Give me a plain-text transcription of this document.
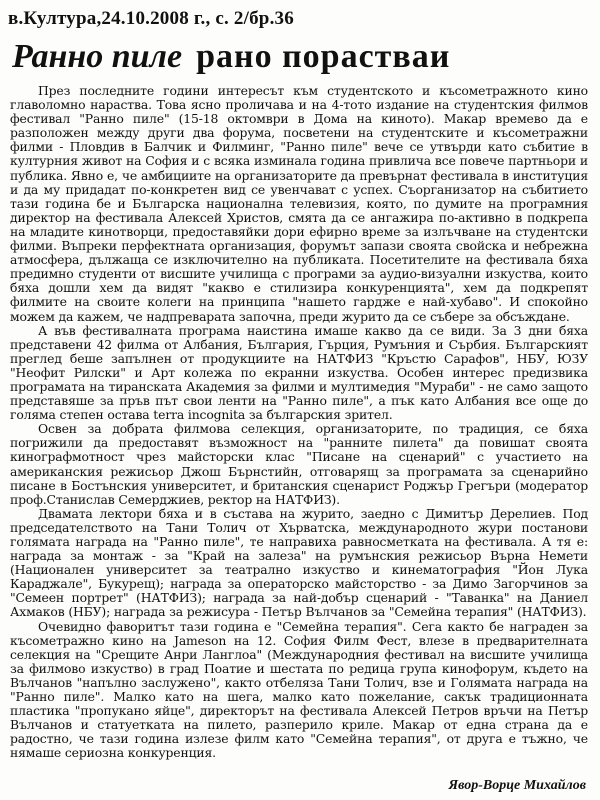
в.Култура,24.10.2008 г., с. 2/бр.36
Ранно пиле рано порастваи

През последните години интересът към студентското и късометражното кино главоломно нараства. Това ясно проличава и на 4-тото издание на студентския филмов фестивал "Ранно пиле" (15-18 октомври в Дома на киното). Макар времево да е разположен между други два форума, посветени на студентските и късометражни филми - Пловдив в Балчик и Филминг, "Ранно пиле" вече се утвърди като събитие в културния живот на София и с всяка изминала година привлича все повече партньори и публика. Явно е, че амбициите на организаторите да превърнат фестивала в институция и да му придадат по-конкретен вид се увенчават с успех. Съорганизатор на събитието тази година бе и Българска национална телевизия, която, по думите на програмния директор на фестивала Алексей Христов, смята да се ангажира по-активно в подкрепа на младите кинотворци, предоставяйки дори ефирно време за излъчване на студентски филми. Въпреки перфектната организация, форумът запази своята свойска и небрежна атмосфера, дължаща се изключително на публиката. Посетителите на фестивала бяха предимно студенти от висшите училища с програми за аудио-визуални изкуства, които бяха дошли хем да видят "какво е стилизира конкуренцията", хем да подкрепят филмите на своите колеги на принципа "нашето гардже е най-хубаво". И спокойно можем да кажем, че надпреварата започна, преди журито да се събере за обсъждане.

А във фестивалната програма наистина имаше какво да се види. За 3 дни бяха представени 42 филма от Албания, България, Гърция, Румъния и Сърбия. Българският преглед беше запълнен от продукциите на НАТФИЗ "Кръстю Сарафов", НБУ, ЮЗУ "Неофит Рилски" и Арт колежа по екранни изкуства. Особен интерес предизвика програмата на тиранската Академия за филми и мултимедия "Мураби" - не само защото представяше за пръв път свои ленти на "Ранно пиле", а пък като Албания все още до голяма степен остава terra incognita за българския зрител.

Освен за добрата филмова селекция, организаторите, по традиция, се бяха погрижили да предоставят възможност на "ранните пилета" да повишат своята кинографмотност чрез майсторски клас "Писане на сценарий" с участието на американския режисьор Джош Бърнстийн, отговарящ за програмата за сценарийно писане в Бостънския университет, и британския сценарист Роджър Грегъри (модератор проф.Станислав Семерджиев, ректор на НАТФИЗ).

Двамата лектори бяха и в състава на журито, заедно с Димитър Дерелиев. Под председателството на Тани Толич от Хърватска, международното жури постанови голямата награда на "Ранно пиле", те направиха равносметката на фестивала. А тя е: награда за монтаж - за "Край на залеза" на румънския режисьор Върна Немети (Национален университет за театрално изкуство и кинематография "Йон Лука Караджале", Букурещ); награда за операторско майсторство - за Димо Загорчинов за "Семеен портрет" (НАТФИЗ); награда за най-добър сценарий - "Таванка" на Даниел Ахмаков (НБУ); награда за режисура - Петър Вълчанов за "Семейна терапия" (НАТФИЗ).

Очевидно фаворитът тази година е "Семейна терапия". Сега както бе награден за късометражно кино на Jameson на 12. София Филм Фест, влезе в предварителната селекция на "Срещите Анри Ланглоа" (Международния фестивал на висшите училища за филмово изкуство) в град Поатие и шестата по редица група кинофорум, където на Вълчанов "напълно заслужено", както отбеляза Тани Толич, взе и Голямата награда на "Ранно пиле". Малко като на шега, малко като пожелание, сакък традиционната пластика "пропукано яйце", директорът на фестивала Алексей Петров връчи на Петър Вълчанов и статуетката на пилето, разперило криле. Макар от една страна да е радостно, че тази година излезе филм като "Семейна терапия", от друга е тъжно, че нямаше сериозна конкуренция.

Явор-Ворце Михайлов
